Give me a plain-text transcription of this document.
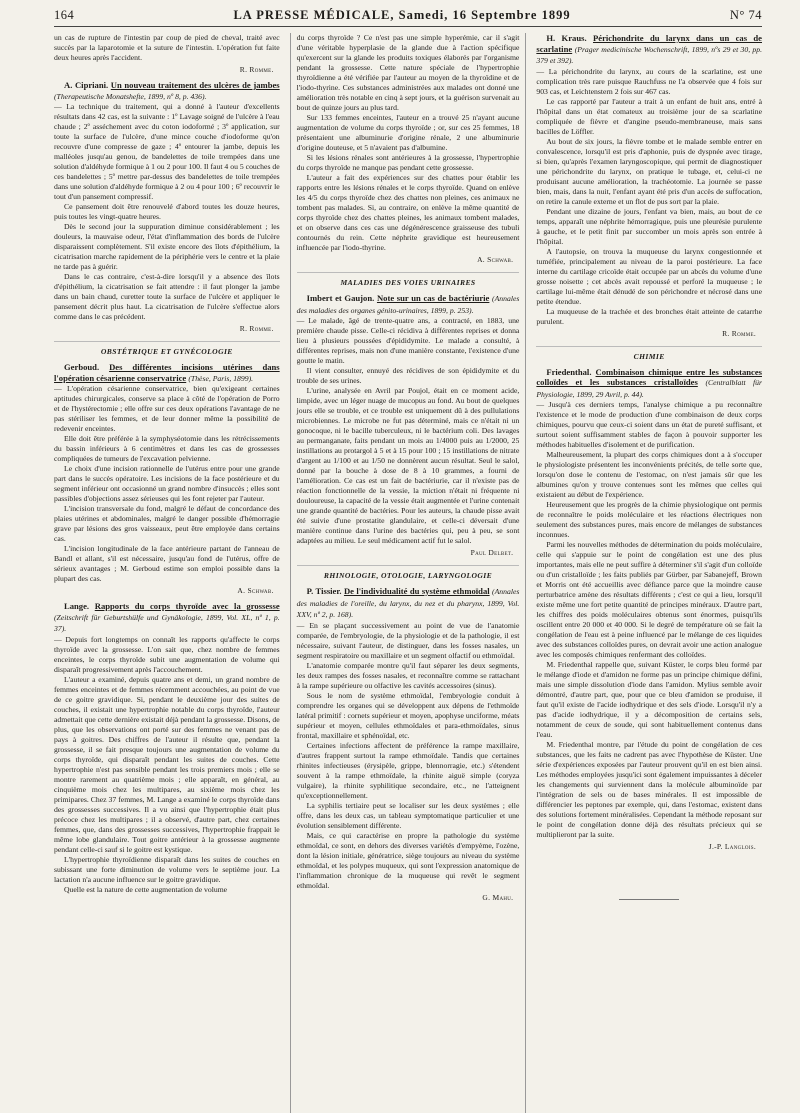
164	LA PRESSE MÉDICALE, Samedi, 16 Septembre 1899	N° 74

un cas de rupture de l'intestin par coup de pied de cheval, traité avec succès par la laparotomie et la suture de l'intestin. L'opération fut faite deux heures après l'accident.

R. Romme.

A. Cipriani. Un nouveau traitement des ulcères de jambes (Therapeutische Monatshefte, 1899, nº 8, p. 436).

— La technique du traitement, qui a donné à l'auteur d'excellents résultats dans 42 cas, est la suivante : 1º Lavage soigné de l'ulcère à l'eau chaude ; 2º asséchement avec du coton iodoformé ; 3º application, sur toute la surface de l'ulcère, d'une mince couche d'iodoforme qu'on recouvre d'une compresse de gaze ; 4º entourer la jambe, depuis les malléoles jusqu'au genou, de bandelettes de toile trempées dans une solution d'aldéhyde formique à 1 ou 2 pour 100. Il faut 4 ou 5 couches de ces bandelettes ; 5º mettre par-dessus des bandelettes de toile trempées dans une solution d'aldéhyde formique à 2 ou 4 pour 100 ; 6º recouvrir le tout d'un pansement compressif.

Ce pansement doit être renouvelé d'abord toutes les douze heures, puis toutes les vingt-quatre heures.

Dès le second jour la suppuration diminue considérablement ; les douleurs, la mauvaise odeur, l'état d'inflammation des bords de l'ulcère disparaissent complètement. S'il existe encore des îlots d'épithélium, la cicatrisation marche rapidement de la périphérie vers le centre et la plaie ne tarde pas à guérir.

Dans le cas contraire, c'est-à-dire lorsqu'il y a absence des îlots d'épithélium, la cicatrisation se fait attendre : il faut plonger la jambe dans un bain chaud, curetter toute la surface de l'ulcère et appliquer le pansement décrit plus haut. La cicatrisation de l'ulcère s'effectue alors comme dans le cas précédent.

R. Romme.
OBSTÉTRIQUE ET GYNÉCOLOGIE

Gerboud. Des différentes incisions utérines dans l'opération césarienne conservatrice (Thèse, Paris, 1899).

— L'opération césarienne conservatrice, bien qu'exigeant certaines aptitudes chirurgicales, conserve sa place à côté de l'opération de Porro et de l'hystérectomie ; elle offre sur ces deux opérations l'avantage de ne pas stériliser les femmes, et de leur donner même la possibilité de redevenir enceintes.

Elle doit être préférée à la symphyséotomie dans les rétrécissements du bassin inférieurs à 6 centimètres et dans les cas de grossesses compliquées de tumeurs de l'excavation pelvienne.

Le choix d'une incision rationnelle de l'utérus entre pour une grande part dans le succès opératoire. Les incisions de la face postérieure et du segment inférieur ont occasionné un grand nombre d'insuccès ; elles sont passibles d'objections assez sérieuses qui les font rejeter par l'auteur.

L'incision transversale du fond, malgré le défaut de concordance des plaies utérines et abdominales, malgré le danger possible d'hémorragie grave par lésions des gros vaisseaux, peut être employée dans certains cas.

L'incision longitudinale de la face antérieure partant de l'anneau de Bandl et allant, s'il est nécessaire, jusqu'au fond de l'utérus, offre de sérieux avantages ; M. Gerboud estime son emploi possible dans la plupart des cas.

A. Schwab.

Lange. Rapports du corps thyroïde avec la grossesse (Zeitschrift für Geburtshülfe und Gynäkologie, 1899, Vol. XL, nº 1, p. 37).

— Depuis fort longtemps on connaît les rapports qu'affecte le corps thyroïde avec la grossesse. L'on sait que, chez nombre de femmes enceintes, le corps thyroïde subit une augmentation de volume qui disparaît progressivement après l'accouchement.

L'auteur a examiné, depuis quatre ans et demi, un grand nombre de femmes enceintes et de femmes récemment accouchées, au point de vue de ce goitre gravidique. Si, pendant le deuxième jour des suites de couches, il existait une hypertrophie notable du corps thyroïde, l'auteur admettait que cette dernière existait déjà pendant la grossesse. Disons, de plus, que les observations ont porté sur des femmes ne venant pas de pays à goitres. Des chiffres de l'auteur il résulte que, pendant la grossesse, il se fait presque toujours une augmentation de volume du corps thyroïde, qui disparaît pendant les suites de couches. Cette hypertrophie n'est pas sensible pendant les trois premiers mois ; elle se montre rarement au quatrième mois ; elle apparaît, en général, au cinquième mois chez les multipares, au sixième mois chez les primipares. Chez 37 femmes, M. Lange a examiné le corps thyroïde dans des grossesses successives. Il a vu ainsi que l'hypertrophie était plus précoce chez les multipares ; il a observé, d'autre part, chez certaines femmes, que, dans des grossesses successives, l'hypertrophie frappait le même lobe glandulaire. Tout goitre antérieur à la grossesse augmente pendant celle-ci sauf si le goitre est kystique.

L'hypertrophie thyroïdienne disparaît dans les suites de couches en subissant une forte diminution de volume vers le septième jour. La lactation n'a aucune influence sur le goitre gravidique.

Quelle est la nature de cette augmentation de volume

du corps thyroïde ? Ce n'est pas une simple hyperémie, car il s'agit d'une véritable hyperplasie de la glande due à l'action spécifique qu'exercent sur la glande les produits toxiques élaborés par l'organisme pendant la grossesse. Cette nature spéciale de l'hypertrophie thyroïdienne a été vérifiée par l'auteur au moyen de la thyroïdine et de l'iodo-thyrine. Ces substances administrées aux malades ont donné une amélioration très notable en cinq à sept jours, et la guérison survenait au bout de quinze jours au plus tard.

Sur 133 femmes enceintes, l'auteur en a trouvé 25 n'ayant aucune augmentation de volume du corps thyroïde ; or, sur ces 25 femmes, 18 présentaient une albuminurie d'origine rénale, 2 une albuminurie d'origine douteuse, et 5 n'avaient pas d'albumine.

Si les lésions rénales sont antérieures à la grossesse, l'hypertrophie du corps thyroïde ne manque pas pendant cette grossesse.

L'auteur a fait des expériences sur des chattes pour établir les rapports entre les lésions rénales et le corps thyroïde. Quand on enlève les 4/5 du corps thyroïde chez des chattes non pleines, ces animaux ne tombent pas malades. Si, au contraire, on enlève la même quantité de corps thyroïde chez des chattes pleines, les animaux tombent malades, et on observe dans ces cas une dégénérescence graisseuse des tubuli contournés du rein. Cette néphrite gravidique est heureusement influencée par l'iodo-thyrine.

A. Schwab.
MALADIES DES VOIES URINAIRES

Imbert et Gaujon. Note sur un cas de bactériurie (Annales des maladies des organes génito-urinaires, 1899, p. 253).

— Le malade, âgé de trente-quatre ans, a contracté, en 1883, une première chaude pisse. Celle-ci récidiva à différentes reprises et donna lieu à plusieurs poussées d'épididymite. Le malade a consulté, à différentes reprises, mais non d'une manière constante, l'existence d'une goutte le matin.

Il vient consulter, ennuyé des récidives de son épididymite et du trouble de ses urines.

L'urine, analysée en Avril par Poujol, était en ce moment acide, limpide, avec un léger nuage de mucopus au fond. Au bout de quelques jours elle se trouble, et ce trouble est uniquement dû à des pullulations microbiennes. Le microbe ne fut pas déterminé, mais ce n'était ni un gonocoque, ni le bacille tuberculeux, ni le bactérium coli. Des lavages au permanganate, faits pendant un mois au 1/4000 puis au 1/2000, 25 instillations au protargol à 5 et à 15 pour 100 ; 15 instillations de nitrate d'argent au 1/100 et au 1/50 ne donnèrent aucun résultat. Seul le salol, donné par la bouche à dose de 8 à 10 grammes, a fourni de l'amélioration. Ce cas est un fait de bactériurie, car il n'existe pas de réaction fonctionnelle de la vessie, la miction n'était ni fréquente ni douloureuse, la capacité de la vessie était augmentée et l'urine contenait une grande quantité de bactéries. Pour les auteurs, la chaude pisse avait été suivie d'une prostatite glandulaire, et celle-ci déversait d'une manière continue dans l'urine des bactéries qui, peu à peu, se sont adaptées au milieu. Le seul médicament actif fut le salol.

Paul Delbet.
RHINOLOGIE, OTOLOGIE, LARYNGOLOGIE

P. Tissier. De l'individualité du système ethmoïdal (Annales des maladies de l'oreille, du larynx, du nez et du pharynx, 1899, Vol. XXV, nº 2, p. 168).

— En se plaçant successivement au point de vue de l'anatomie comparée, de l'embryologie, de la physiologie et de la pathologie, il est nécessaire, suivant l'auteur, de distinguer, dans les fosses nasales, un segment respiratoire ou maxillaire et un segment olfactif ou ethmoïdal.

L'anatomie comparée montre qu'il faut séparer les deux segments, les deux rampes des fosses nasales, et reconnaître comme se rattachant à la rampe supérieure ou olfactive les cavités accessoires (sinus).

Sous le nom de système ethmoïdal, l'embryologie conduit à comprendre les organes qui se développent aux dépens de l'ethmoïde latéral primitif : cornets supérieur et moyen, apophyse unciforme, méats supérieur et moyen, cellules ethmoïdales et para-ethmoïdales, sinus frontal, maxillaire et sphénoïdal, etc.

Certaines infections affectent de préférence la rampe maxillaire, d'autres frappent surtout la rampe ethmoïdale. Tandis que certaines rhinites infectieuses (érysipèle, grippe, blennorragie, etc.) s'étendent souvent à la rampe ethmoïdale, la rhinite aiguë simple (coryza vulgaire), la rhinite syphilitique secondaire, etc., ne l'atteignent qu'exceptionnellement.

La syphilis tertiaire peut se localiser sur les deux systèmes ; elle offre, dans les deux cas, un tableau symptomatique particulier et une évolution sensiblement différente.

Mais, ce qui caractérise en propre la pathologie du système ethmoïdal, ce sont, en dehors des diverses variétés d'empyème, l'ozène, dont la lésion initiale, génératrice, siège toujours au niveau du système ethmoïdal, et les polypes muqueux, qui sont l'expression anatomique de l'inflammation chronique de la muqueuse qui revêt le segment ethmoïdal.

G. Mahu.

H. Kraus. Périchondrite du larynx dans un cas de scarlatine (Prager medicinische Wochenschrift, 1899, nºs 29 et 30, pp. 379 et 392).

— La périchondrite du larynx, au cours de la scarlatine, est une complication très rare puisque Rauchfuss ne l'a observée que 4 fois sur 903 cas, et Leichtenstern 2 fois sur 467 cas.

Le cas rapporté par l'auteur a trait à un enfant de huit ans, entré à l'hôpital dans un état comateux au troisième jour de sa scarlatine compliquée de fièvre et d'angine pseudo-membraneuse, mais sans bacilles de Löffler.

Au bout de six jours, la fièvre tombe et le malade semble entrer en convalescence, lorsqu'il est pris d'aphonie, puis de dyspnée avec tirage, si bien, qu'après l'examen laryngoscopique, qui permit de diagnostiquer une périchondrite du larynx, on pratique le tubage, et, celui-ci ne produisant aucune amélioration, la trachéotomie. La journée se passe bien, mais, dans la nuit, l'enfant ayant été pris d'un accès de suffocation, on retire la canule externe et un flot de pus sort par la plaie.

Pendant une dizaine de jours, l'enfant va bien, mais, au bout de ce temps, apparaît une néphrite hémorragique, puis une pleurésie purulente à gauche, et le petit finit par succomber un mois après son entrée à l'hôpital.

A l'autopsie, on trouva la muqueuse du larynx congestionnée et tuméfiée, principalement au niveau de la paroi postérieure. La face interne du cartilage cricoïde était occupée par un abcès du volume d'une grosse noisette ; cet abcès avait repoussé et perforé la muqueuse ; le cartilage lui-même était dénudé de son périchondre et nécrosé dans une petite étendue.

La muqueuse de la trachée et des bronches était atteinte de catarrhe purulent.

R. Romme.
CHIMIE

Friedenthal. Combinaison chimique entre les substances colloïdes et les substances cristalloïdes (Centralblatt für Physiologie, 1899, 29 Avril, p. 44).

— Jusqu'à ces derniers temps, l'analyse chimique a pu reconnaître l'existence et le mode de production d'une combinaison de deux corps chimiques, pourvu que ceux-ci soient dans un état de pureté suffisant, et surtout soient suffisamment stables de façon à pouvoir supporter les méthodes habituelles d'isolement et de purification.

Malheureusement, la plupart des corps chimiques dont a à s'occuper le physiologiste présentent les inconvénients précités, de telle sorte que, lorsqu'on dose le contenu de l'estomac, on n'est jamais sûr que les albumines qu'on y trouve contenues sont les mêmes que celles qui existaient au début de l'expérience.

Heureusement que les progrès de la chimie physiologique ont permis de reconnaître le poids moléculaire et les réactions électriques non seulement des substances pures, mais encore de mélanges de substances inconnues.

Parmi les nouvelles méthodes de détermination du poids moléculaire, celle qui s'appuie sur le point de congélation est une des plus importantes, mais elle ne peut suffire à déterminer s'il s'agit d'un colloïde ou d'un cristalloïde ; les faits publiés par Gürber, par Sabanejeff, Brown et Morris ont été accueillis avec défiance parce que la moindre cause perturbatrice amène des résultats différents ; c'est ce qui a lieu, lorsqu'il existe même une fort petite quantité de principes minéraux. D'autre part, les chiffres des poids moléculaires obtenus sont énormes, puisqu'ils oscillent entre 20 000 et 40 000. Si le degré de température où se fait la congélation de l'eau est à peine influencé par le mélange de ces liquides avec des substances colloïdes pures, on devrait avoir une action analogue avec les composés chimiques renfermant des colloïdes.

M. Friedenthal rappelle que, suivant Küster, le corps bleu formé par le mélange d'iode et d'amidon ne forme pas un principe chimique défini, mais une simple dissolution d'iode dans l'amidon. Mylius semble avoir démontré, d'autre part, que, pour que ce bleu d'amidon se produise, il faut qu'il existe de l'acide iodhydrique et des sels d'iode. Lorsqu'il n'y a pas d'acide iodhydrique, il y a décomposition de certains sels, notamment de ceux de soude, qui sont habituellement contenus dans l'eau.

M. Friedenthal montre, par l'étude du point de congélation de ces substances, que les faits ne cadrent pas avec l'hypothèse de Küster. Une série d'expériences exposées par l'auteur prouvent qu'il en est bien ainsi. Les méthodes employées jusqu'ici sont également impuissantes à déceler les changements qui surviennent dans la molécule albuminoïde par l'intégration de sels ou de bases minérales. Il est impossible de différencier les peptones par exemple, qui, dans l'estomac, existent dans des solutions fortement minéralisées. Cependant la méthode reposant sur le point de congélation donne déjà des résultats précieux qui se multiplieront par la suite.

J.-P. Langlois.
